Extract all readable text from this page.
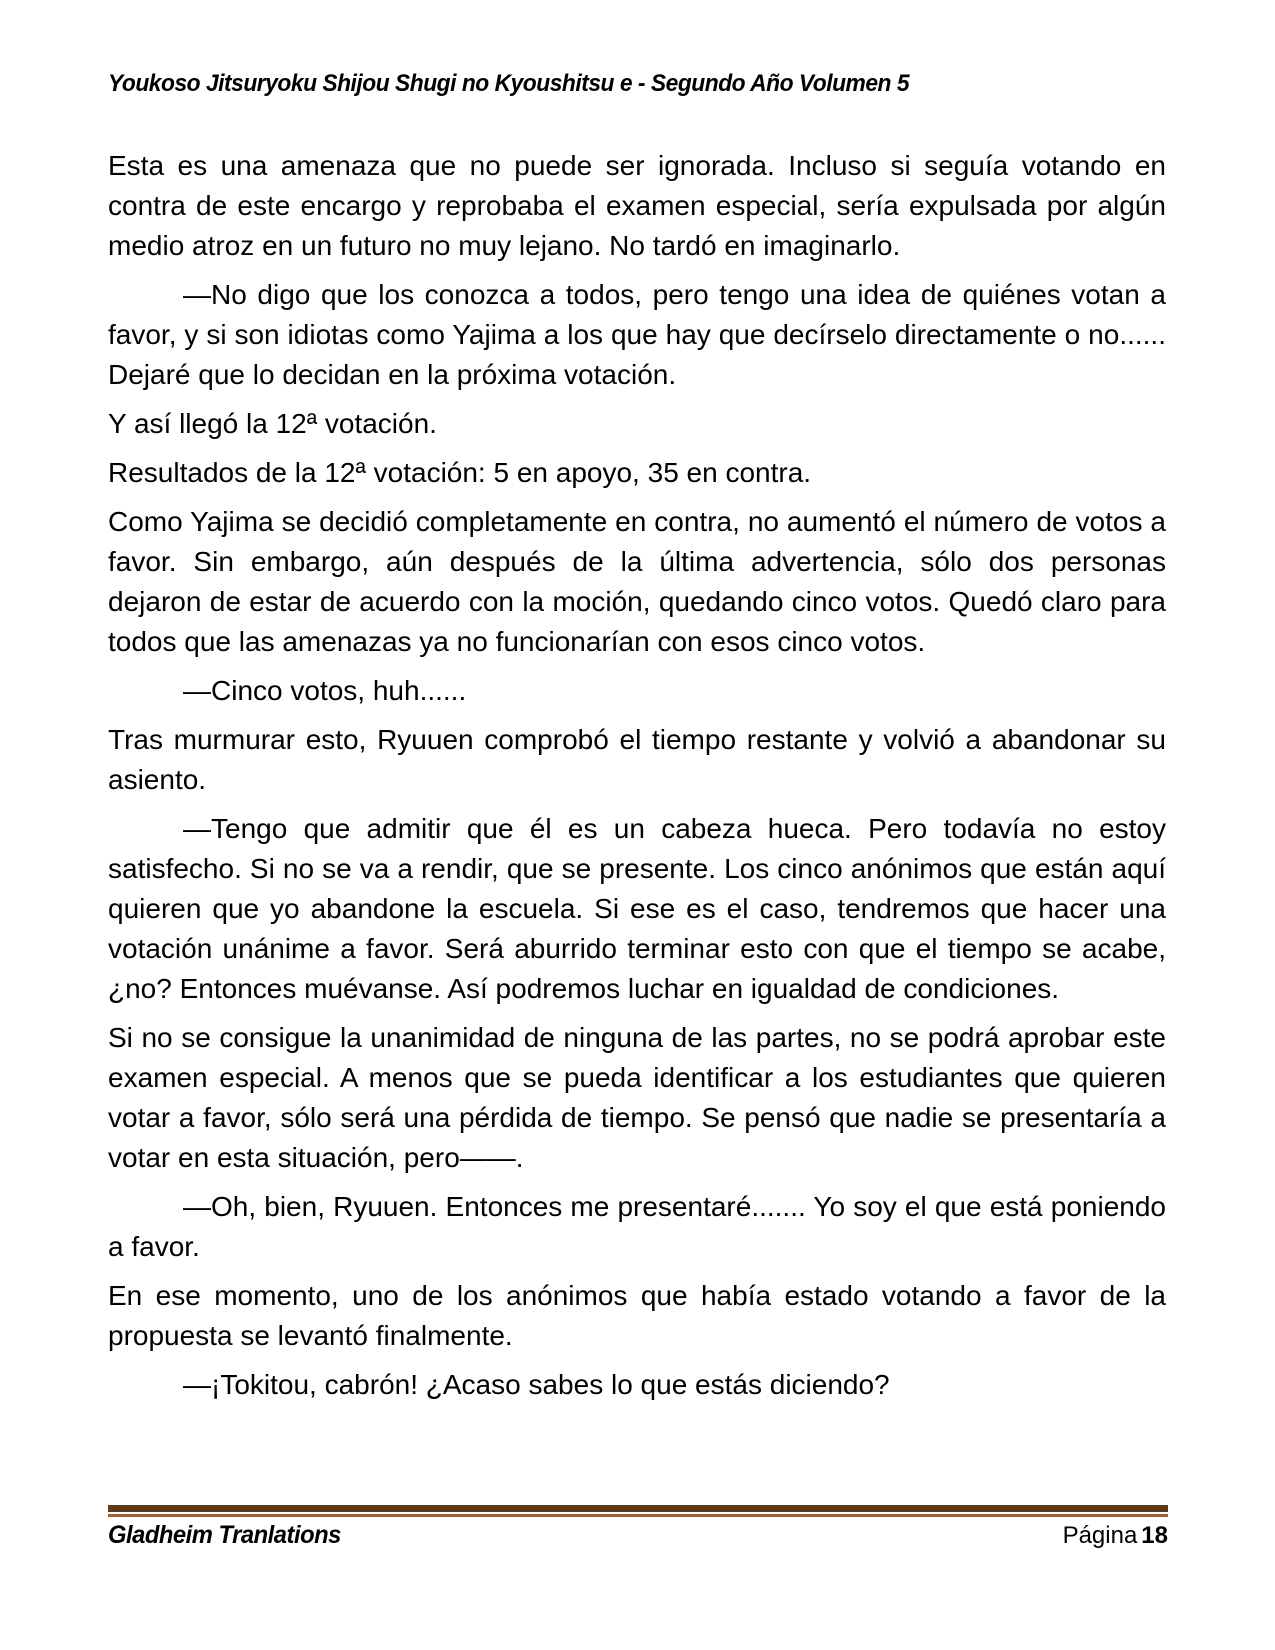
Youkoso Jitsuryoku Shijou Shugi no Kyoushitsu e - Segundo Año Volumen 5

Esta es una amenaza que no puede ser ignorada. Incluso si seguía votando en contra de este encargo y reprobaba el examen especial, sería expulsada por algún medio atroz en un futuro no muy lejano. No tardó en imaginarlo.

—No digo que los conozca a todos, pero tengo una idea de quiénes votan a favor, y si son idiotas como Yajima a los que hay que decírselo directamente o no...... Dejaré que lo decidan en la próxima votación.

Y así llegó la 12ª votación.

Resultados de la 12ª votación: 5 en apoyo, 35 en contra.

Como Yajima se decidió completamente en contra, no aumentó el número de votos a favor. Sin embargo, aún después de la última advertencia, sólo dos personas dejaron de estar de acuerdo con la moción, quedando cinco votos. Quedó claro para todos que las amenazas ya no funcionarían con esos cinco votos.

—Cinco votos, huh......

Tras murmurar esto, Ryuuen comprobó el tiempo restante y volvió a abandonar su asiento.

—Tengo que admitir que él es un cabeza hueca. Pero todavía no estoy satisfecho. Si no se va a rendir, que se presente. Los cinco anónimos que están aquí quieren que yo abandone la escuela. Si ese es el caso, tendremos que hacer una votación unánime a favor. Será aburrido terminar esto con que el tiempo se acabe, ¿no? Entonces muévanse. Así podremos luchar en igualdad de condiciones.

Si no se consigue la unanimidad de ninguna de las partes, no se podrá aprobar este examen especial. A menos que se pueda identificar a los estudiantes que quieren votar a favor, sólo será una pérdida de tiempo. Se pensó que nadie se presentaría a votar en esta situación, pero——.

—Oh, bien, Ryuuen. Entonces me presentaré....... Yo soy el que está poniendo a favor.

En ese momento, uno de los anónimos que había estado votando a favor de la propuesta se levantó finalmente.

—¡Tokitou, cabrón! ¿Acaso sabes lo que estás diciendo?

Gladheim Tranlations	Página 18
